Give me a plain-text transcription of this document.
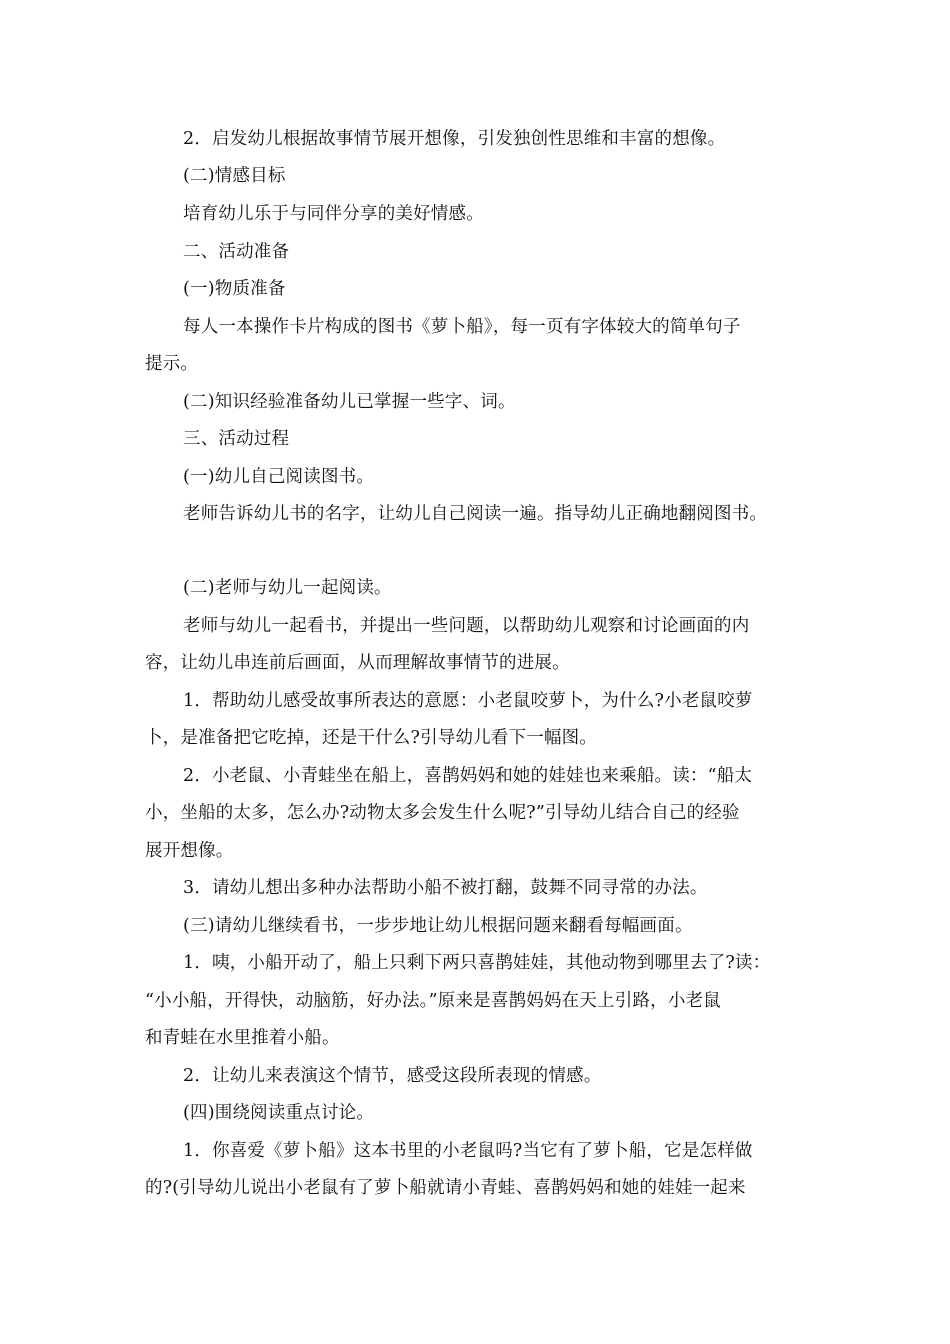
2．启发幼儿根据故事情节展开想像，引发独创性思维和丰富的想像。
(二)情感目标
培育幼儿乐于与同伴分享的美好情感。
二、活动准备
(一)物质准备
每人一本操作卡片构成的图书《萝卜船》，每一页有字体较大的简单句子
提示。
(二)知识经验准备幼儿已掌握一些字、词。
三、活动过程
(一)幼儿自己阅读图书。
老师告诉幼儿书的名字，让幼儿自己阅读一遍。指导幼儿正确地翻阅图书。
(二)老师与幼儿一起阅读。
老师与幼儿一起看书，并提出一些问题，以帮助幼儿观察和讨论画面的内
容，让幼儿串连前后画面，从而理解故事情节的进展。
1．帮助幼儿感受故事所表达的意愿：小老鼠咬萝卜，为什么?小老鼠咬萝
卜，是准备把它吃掉，还是干什么?引导幼儿看下一幅图。
2．小老鼠、小青蛙坐在船上，喜鹊妈妈和她的娃娃也来乘船。读：“船太
小，坐船的太多，怎么办?动物太多会发生什么呢?”引导幼儿结合自己的经验
展开想像。
3．请幼儿想出多种办法帮助小船不被打翻，鼓舞不同寻常的办法。
(三)请幼儿继续看书，一步步地让幼儿根据问题来翻看每幅画面。
1．咦，小船开动了，船上只剩下两只喜鹊娃娃，其他动物到哪里去了?读：
“小小船，开得快，动脑筋，好办法。”原来是喜鹊妈妈在天上引路，小老鼠
和青蛙在水里推着小船。
2．让幼儿来表演这个情节，感受这段所表现的情感。
(四)围绕阅读重点讨论。
1．你喜爱《萝卜船》这本书里的小老鼠吗?当它有了萝卜船，它是怎样做
的?(引导幼儿说出小老鼠有了萝卜船就请小青蛙、喜鹊妈妈和她的娃娃一起来
